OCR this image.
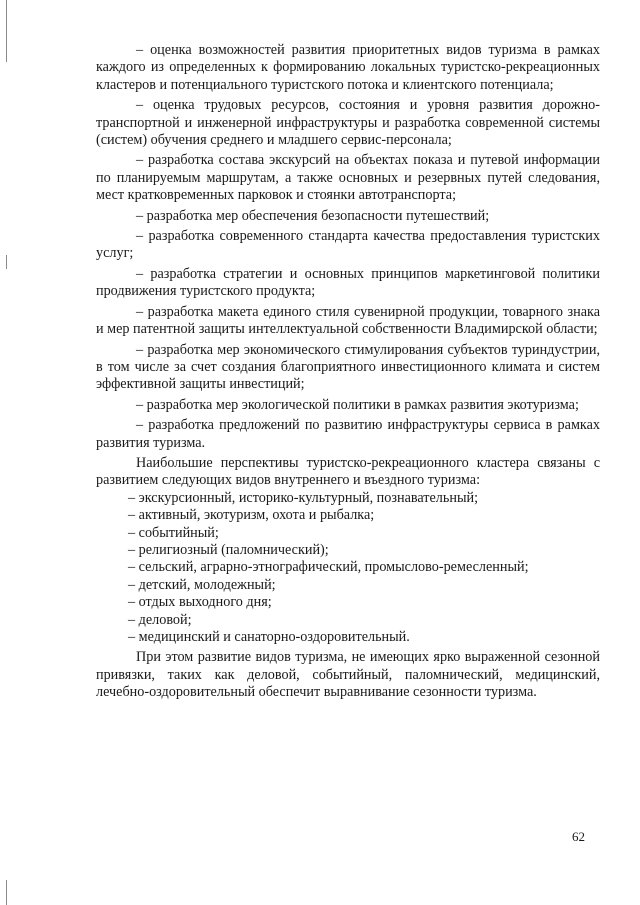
– оценка возможностей развития приоритетных видов туризма в рамках каждого из определенных к формированию локальных туристско-рекреационных кластеров и потенциального туристского потока и клиентского потенциала;

– оценка трудовых ресурсов, состояния и уровня развития дорожно-транспортной и инженерной инфраструктуры и разработка современной системы (систем) обучения среднего и младшего сервис-персонала;

– разработка состава экскурсий на объектах показа и путевой информации по планируемым маршрутам, а также основных и резервных путей следования, мест кратковременных парковок и стоянки автотранспорта;

– разработка мер обеспечения безопасности путешествий;

– разработка современного стандарта качества предоставления туристских услуг;

– разработка стратегии и основных принципов маркетинговой политики продвижения туристского продукта;

– разработка макета единого стиля сувенирной продукции, товарного знака и мер патентной защиты интеллектуальной собственности Владимирской области;

– разработка мер экономического стимулирования субъектов туриндустрии, в том числе за счет создания благоприятного инвестиционного климата и систем эффективной защиты инвестиций;

– разработка мер экологической политики в рамках развития экотуризма;

– разработка предложений по развитию инфраструктуры сервиса в рамках развития туризма.

Наибольшие перспективы туристско-рекреационного кластера связаны с развитием следующих видов внутреннего и въездного туризма:

– экскурсионный, историко-культурный, познавательный;

– активный, экотуризм, охота и рыбалка;

– событийный;

– религиозный (паломнический);

– сельский, аграрно-этнографический, промыслово-ремесленный;

– детский, молодежный;

– отдых выходного дня;

– деловой;

– медицинский и санаторно-оздоровительный.

При этом развитие видов туризма, не имеющих ярко выраженной сезонной привязки, таких как деловой, событийный, паломнический, медицинский, лечебно-оздоровительный обеспечит выравнивание сезонности туризма.

62
